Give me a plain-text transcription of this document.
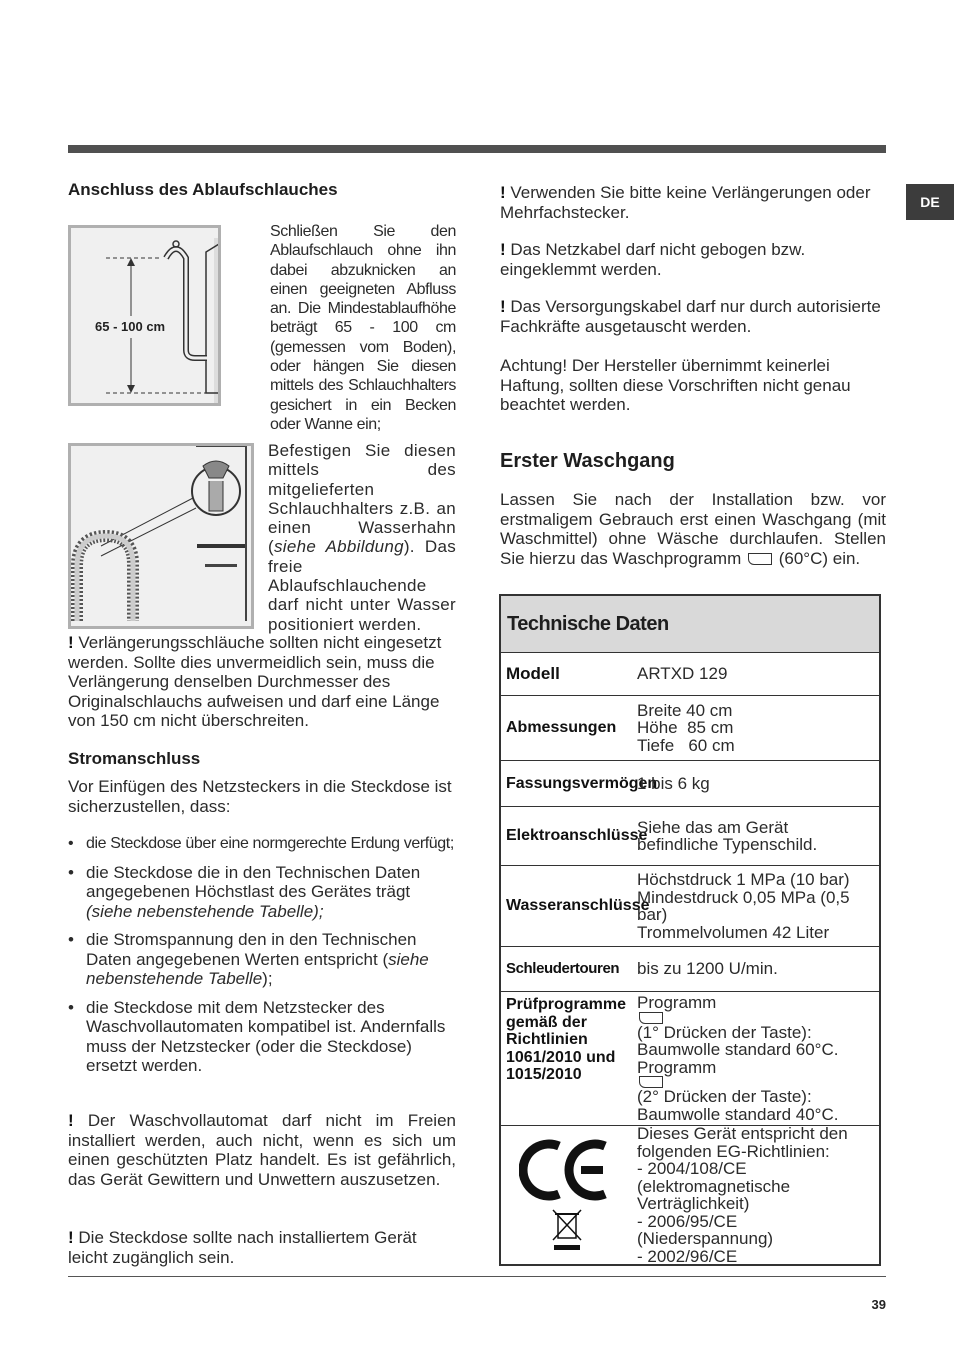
DE
Anschluss des Ablaufschlauches
65 - 100 cm

Schließen Sie den Ablaufschlauch ohne ihn dabei abzuknicken an einen geeigneten Abfluss an. Die Mindestablaufhöhe beträgt 65 - 100 cm (gemessen vom Boden), oder hängen Sie diesen mittels des Schlauchhalters gesichert in ein Becken oder Wanne ein;

Befestigen Sie diesen mittels des mitgelieferten Schlauchhalters z.B. an einen Wasserhahn (siehe Abbildung). Das freie Ablaufschlauchende darf nicht unter Wasser positioniert werden.

! Verlängerungsschläuche sollten nicht eingesetzt werden. Sollte dies unvermeidlich sein, muss die Verlängerung denselben Durchmesser des Originalschlauchs aufweisen und darf eine Länge von 150 cm nicht überschreiten.

Stromanschluss

Vor Einfügen des Netzsteckers in die Steckdose ist sicherzustellen, dass:

• die Steckdose über eine normgerechte Erdung verfügt;
• die Steckdose die in den Technischen Daten angegebenen Höchstlast des Gerätes trägt (siehe nebenstehende Tabelle);
• die Stromspannung den in den Technischen Daten angegebenen Werten entspricht (siehe nebenstehende Tabelle);
• die Steckdose mit dem Netzstecker des Waschvollautomaten kompatibel ist. Andernfalls muss der Netzstecker (oder die Steckdose) ersetzt werden.

! Der Waschvollautomat darf nicht im Freien installiert werden, auch nicht, wenn es sich um einen geschützten Platz handelt. Es ist gefährlich, das Gerät Gewittern und Unwettern auszusetzen.

! Die Steckdose sollte nach installiertem Gerät leicht zugänglich sein.

! Verwenden Sie bitte keine Verlängerungen oder Mehrfachstecker.

! Das Netzkabel darf nicht gebogen bzw. eingeklemmt werden.

! Das Versorgungskabel darf nur durch autorisierte Fachkräfte ausgetauscht werden.

Achtung! Der Hersteller übernimmt keinerlei Haftung, sollten diese Vorschriften nicht genau beachtet werden.

Erster Waschgang

Lassen Sie nach der Installation bzw. vor erstmaligem Gebrauch erst einen Waschgang (mit Waschmittel) ohne Wäsche durchlaufen. Stellen Sie hierzu das Waschprogramm (60°C) ein.

Technische Daten
Modell	ARTXD 129
Abmessungen
Breite 40 cm
Höhe  85 cm
Tiefe   60 cm
Fassungsvermögen
1 bis 6 kg
Elektroanschlüsse
Siehe das am Gerät befindliche Typenschild.
Wasseranschlüsse
Höchstdruck 1 MPa (10 bar)
Mindestdruck 0,05 MPa (0,5 bar)
Trommelvolumen 42 Liter
Schleudertouren	bis zu 1200 U/min.
Prüfprogramme gemäß der Richtlinien 1061/2010 und 1015/2010
Programm
(1° Drücken der Taste): Baumwolle standard 60°C.
Programm
(2° Drücken der Taste): Baumwolle standard 40°C.
Dieses Gerät entspricht den folgenden EG-Richtlinien:
- 2004/108/CE (elektromagnetische Verträglichkeit)
- 2006/95/CE (Niederspannung)
- 2002/96/CE
39
